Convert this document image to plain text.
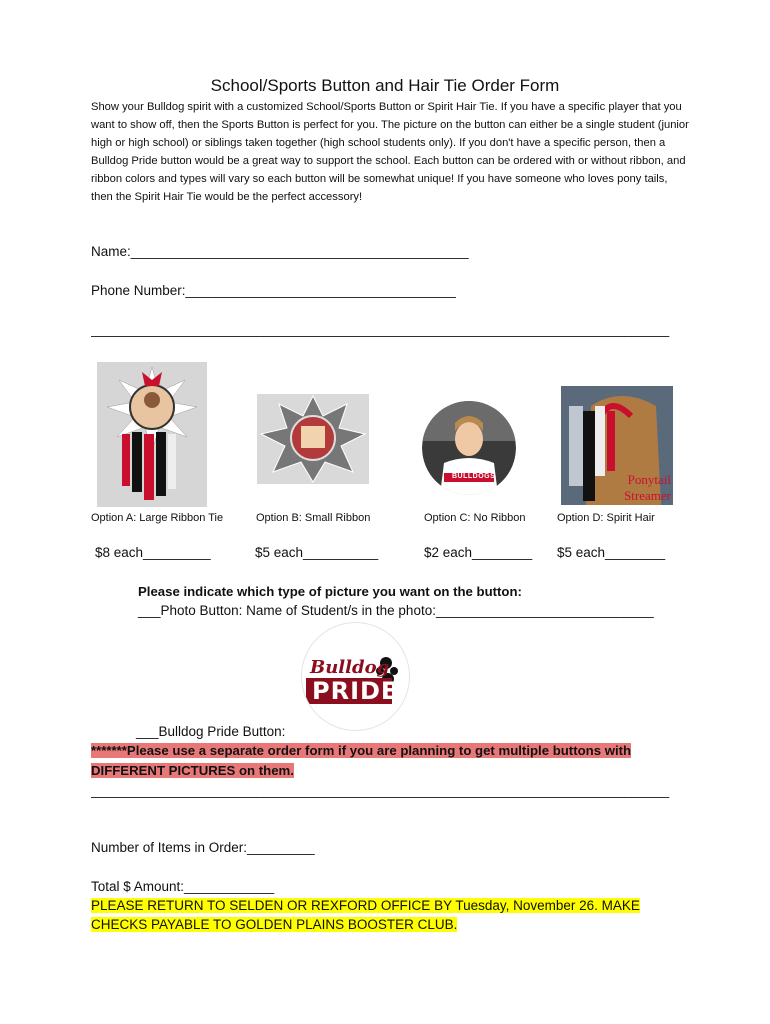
School/Sports Button and Hair Tie Order Form
Show your Bulldog spirit with a customized School/Sports Button or Spirit Hair Tie. If you have a specific player that you want to show off, then the Sports Button is perfect for you. The picture on the button can either be a single student (junior high or high school) or siblings taken together (high school students only). If you don't have a specific person, then a Bulldog Pride button would be a great way to support the school. Each button can be ordered with or without ribbon, and ribbon colors and types will vary so each button will be somewhat unique! If you have someone who loves pony tails, then the Spirit Hair Tie would be the perfect accessory!
Name:_____________________________________________
Phone Number:____________________________________
_____________________________________________________________________________
BULLDOGS	Ponytail Streamer
Option A: Large Ribbon Tie	Option B: Small Ribbon	Option C: No Ribbon	Option D: Spirit Hair
$8 each_________	$5 each__________	$2 each________ $5 each________
Please indicate which type of picture you want on the button:
___Photo Button: Name of Student/s in the photo:_____________________________
Bulldog
PRIDE
___Bulldog Pride Button:
*******Please use a separate order form if you are planning to get multiple buttons with
DIFFERENT PICTURES on them.
_____________________________________________________________________________
Number of Items in Order:_________
Total $ Amount:____________
PLEASE RETURN TO SELDEN OR REXFORD OFFICE BY Tuesday, November 26. MAKE
CHECKS PAYABLE TO GOLDEN PLAINS BOOSTER CLUB.
